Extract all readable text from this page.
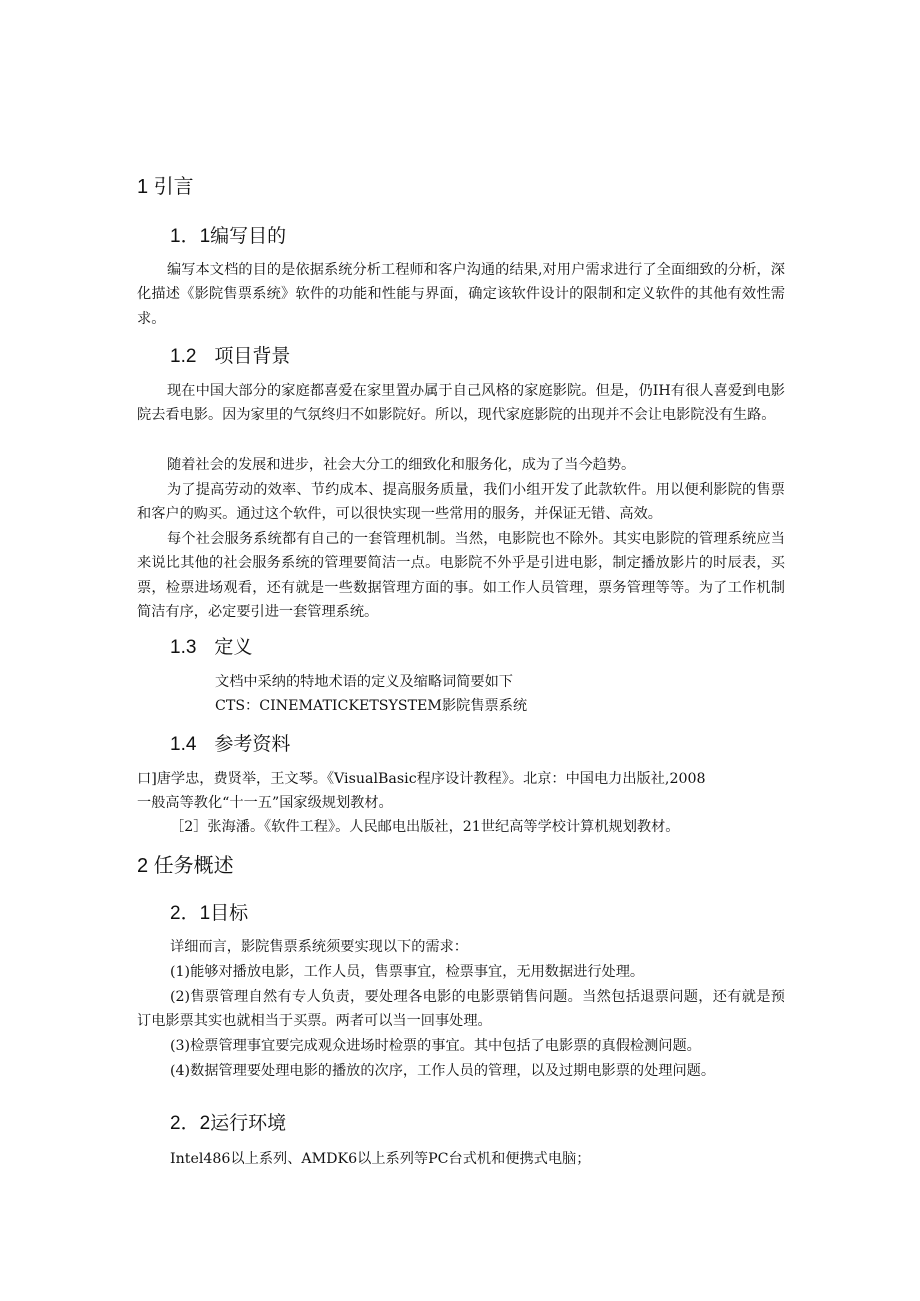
1 引言
1．1编写目的
编写本文档的目的是依据系统分析工程师和客户沟通的结果,对用户需求进行了全面细致的分析，深化描述《影院售票系统》软件的功能和性能与界面，确定该软件设计的限制和定义软件的其他有效性需求。
1.2 项目背景
现在中国大部分的家庭都喜爱在家里置办属于自己风格的家庭影院。但是，仍IH有很人喜爱到电影院去看电影。因为家里的气氛终归不如影院好。所以，现代家庭影院的出现并不会让电影院没有生路。
随着社会的发展和进步，社会大分工的细致化和服务化，成为了当今趋势。
为了提高劳动的效率、节约成本、提高服务质量，我们小组开发了此款软件。用以便利影院的售票和客户的购买。通过这个软件，可以很快实现一些常用的服务，并保证无错、高效。
每个社会服务系统都有自己的一套管理机制。当然，电影院也不除外。其实电影院的管理系统应当来说比其他的社会服务系统的管理要简洁一点。电影院不外乎是引进电影，制定播放影片的时辰表，买票，检票进场观看，还有就是一些数据管理方面的事。如工作人员管理，票务管理等等。为了工作机制简洁有序，必定要引进一套管理系统。
1.3 定义
文档中采纳的特地术语的定义及缩略词简要如下
CTS：CINEMATICKETSYSTEM影院售票系统
1.4 参考资料
口]唐学忠，费贤举，王文琴。《VisualBasic程序设计教程》。北京：中国电力出版社,2008
一般高等教化“十一五”国家级规划教材。
［2］张海潘。《软件工程》。人民邮电出版社，21世纪高等学校计算机规划教材。
2 任务概述
2．1目标
详细而言，影院售票系统须要实现以下的需求：
(1)能够对播放电影，工作人员，售票事宜，检票事宜，无用数据进行处理。
(2)售票管理自然有专人负责，要处理各电影的电影票销售问题。当然包括退票问题，还有就是预订电影票其实也就相当于买票。两者可以当一回事处理。
(3)检票管理事宜要完成观众进场时检票的事宜。其中包括了电影票的真假检测问题。
(4)数据管理要处理电影的播放的次序，工作人员的管理，以及过期电影票的处理问题。
2．2运行环境
Intel486以上系列、AMDK6以上系列等PC台式机和便携式电脑；
